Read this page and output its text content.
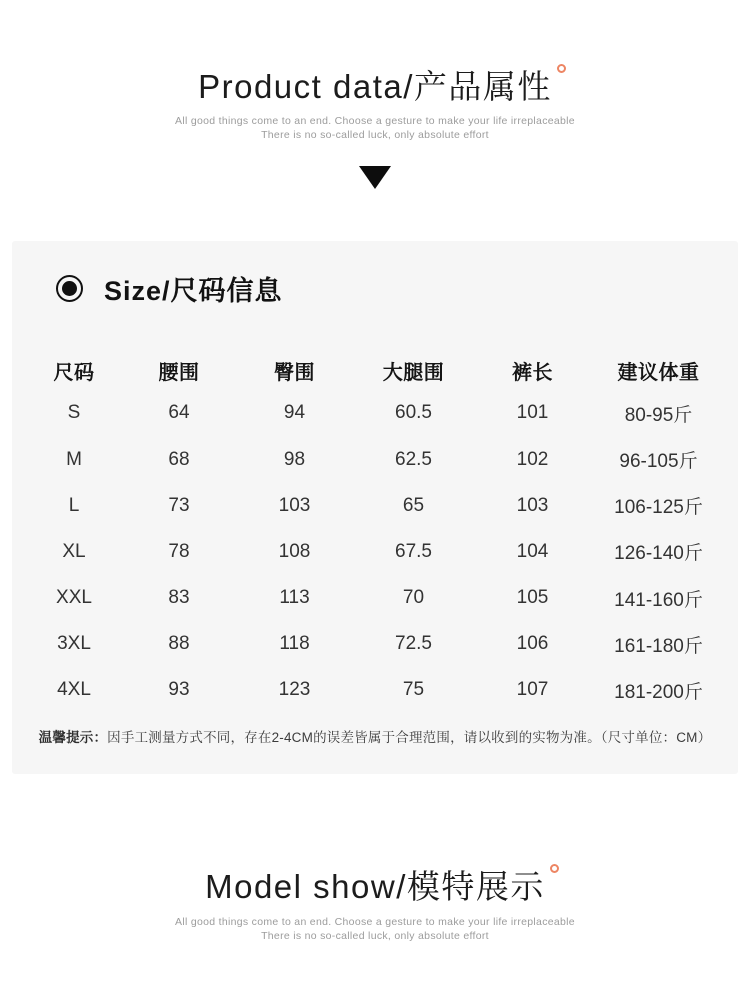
Product data/产品属性
All good things come to an end. Choose a gesture to make your life irreplaceable
There is no so-called luck, only absolute effort
Size/尺码信息
尺码	腰围	臀围	大腿围	裤长	建议体重
S	64	94	60.5	101	80-95斤
M	68	98	62.5	102	96-105斤
L	73	103	65	103	106-125斤
XL	78	108	67.5	104	126-140斤
XXL	83	113	70	105	141-160斤
3XL	88	118	72.5	106	161-180斤
4XL	93	123	75	107	181-200斤
温馨提示：因手工测量方式不同，存在2-4CM的误差皆属于合理范围，请以收到的实物为准。（尺寸单位：CM）
Model show/模特展示
All good things come to an end. Choose a gesture to make your life irreplaceable
There is no so-called luck, only absolute effort
